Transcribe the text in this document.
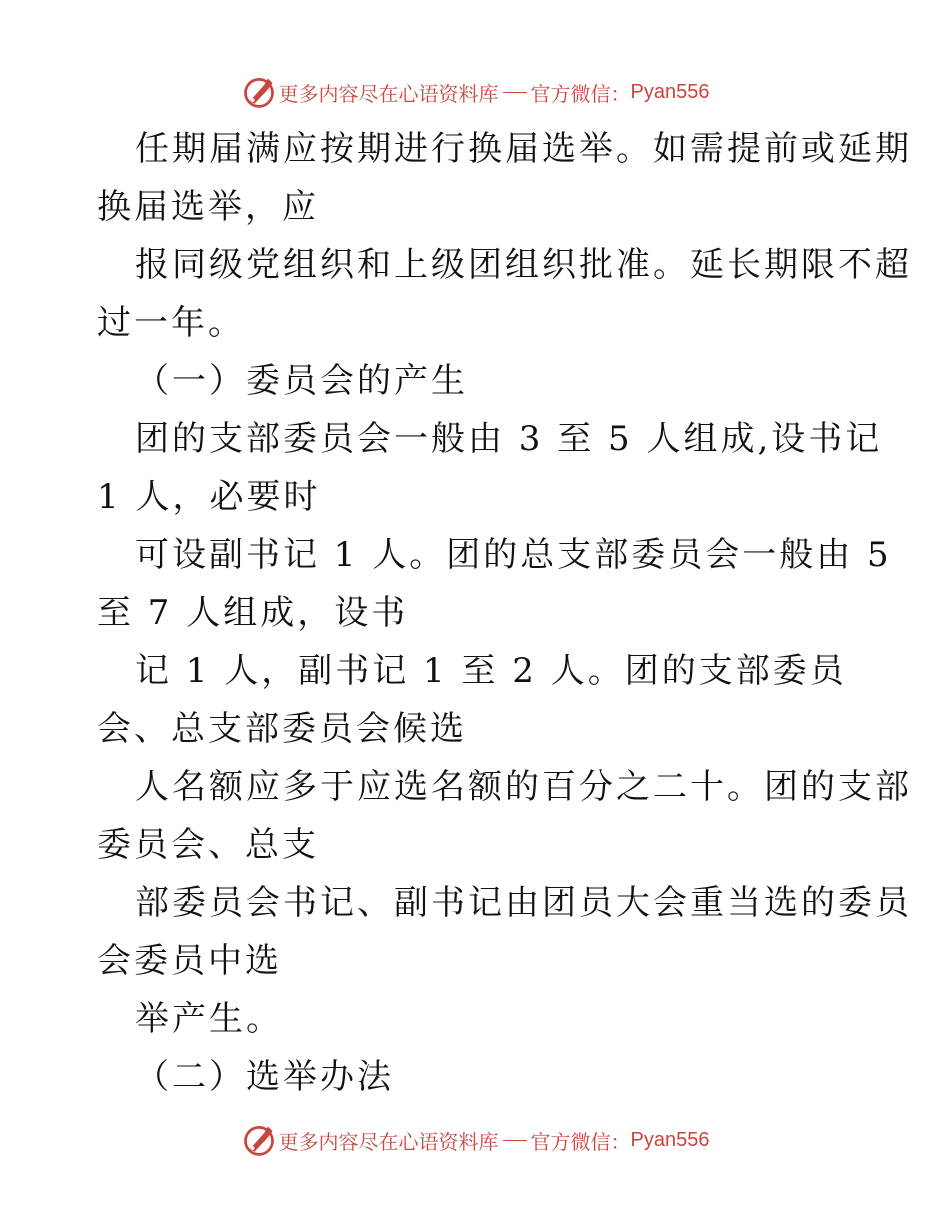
更多内容尽在心语资料库 官方微信： Pyan556
任期届满应按期进行换届选举。如需提前或延期
换届选举，应
报同级党组织和上级团组织批准。延长期限不超
过一年。
（一）委员会的产生
团的支部委员会一般由 3 至 5 人组成,设书记
1 人，必要时
可设副书记 1 人。团的总支部委员会一般由 5
至 7 人组成，设书
记 1 人，副书记 1 至 2 人。团的支部委员
会、总支部委员会候选
人名额应多于应选名额的百分之二十。团的支部
委员会、总支
部委员会书记、副书记由团员大会重当选的委员
会委员中选
举产生。
（二）选举办法
更多内容尽在心语资料库 官方微信： Pyan556
